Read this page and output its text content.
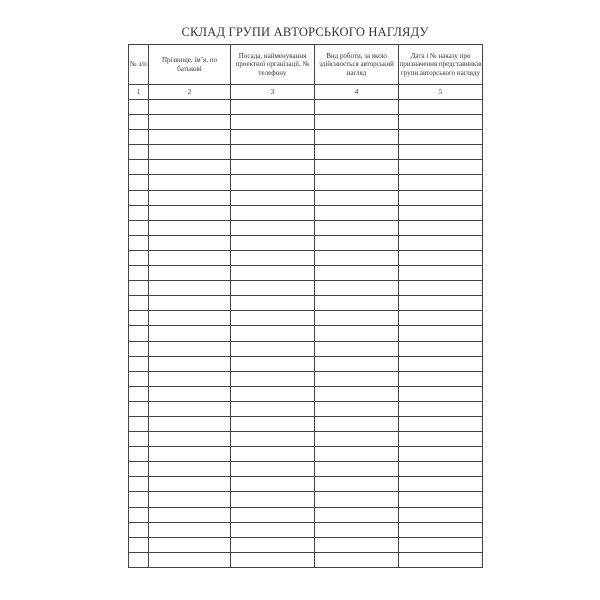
СКЛАД ГРУПИ АВТОРСЬКОГО НАГЛЯДУ
№ з/п	Прізвище, ім’я, по батькові	Посада, найменування проектної організації, № телефону	Вид роботи, за якою здійснюється авторський нагляд	Дата і № наказу про призначення представників групи авторського нагляду
1	2	3	4	5
